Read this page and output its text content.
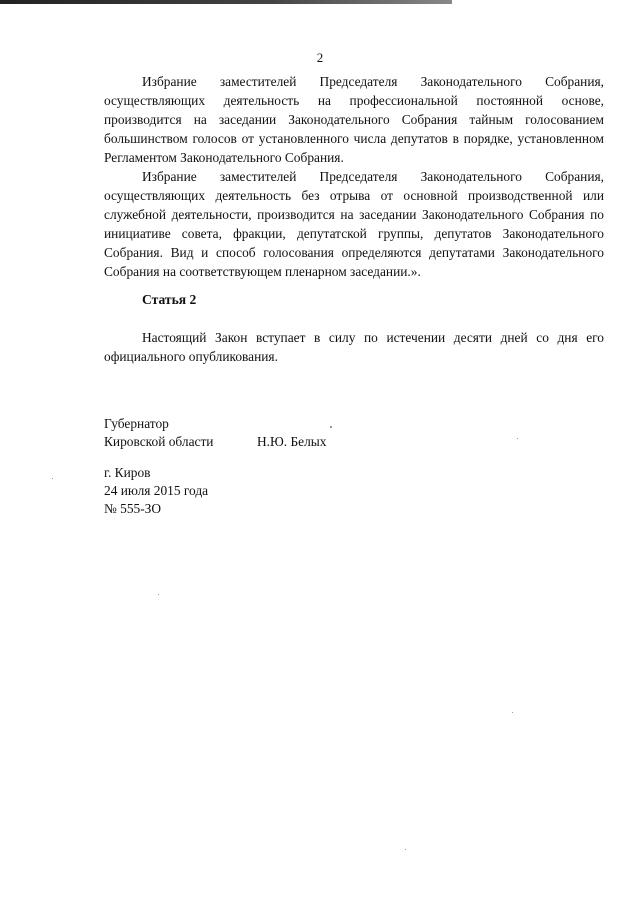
2

Избрание заместителей Председателя Законодательного Собрания, осуществляющих деятельность на профессиональной постоянной основе, производится на заседании Законодательного Собрания тайным голосованием большинством голосов от установленного числа депутатов в порядке, установленном Регламентом Законодательного Собрания.

Избрание заместителей Председателя Законодательного Собрания, осуществляющих деятельность без отрыва от основной производственной или служебной деятельности, производится на заседании Законодательного Собрания по инициативе совета, фракции, депутатской группы, депутатов Законодательного Собрания. Вид и способ голосования определяются депутатами Законодательного Собрания на соответствующем пленарном заседании.».

Статья 2

Настоящий Закон вступает в силу по истечении десяти дней со дня его официального опубликования.

Губернатор
Кировской области	Н.Ю. Белых
г. Киров
24 июля 2015 года
№ 555-ЗО
